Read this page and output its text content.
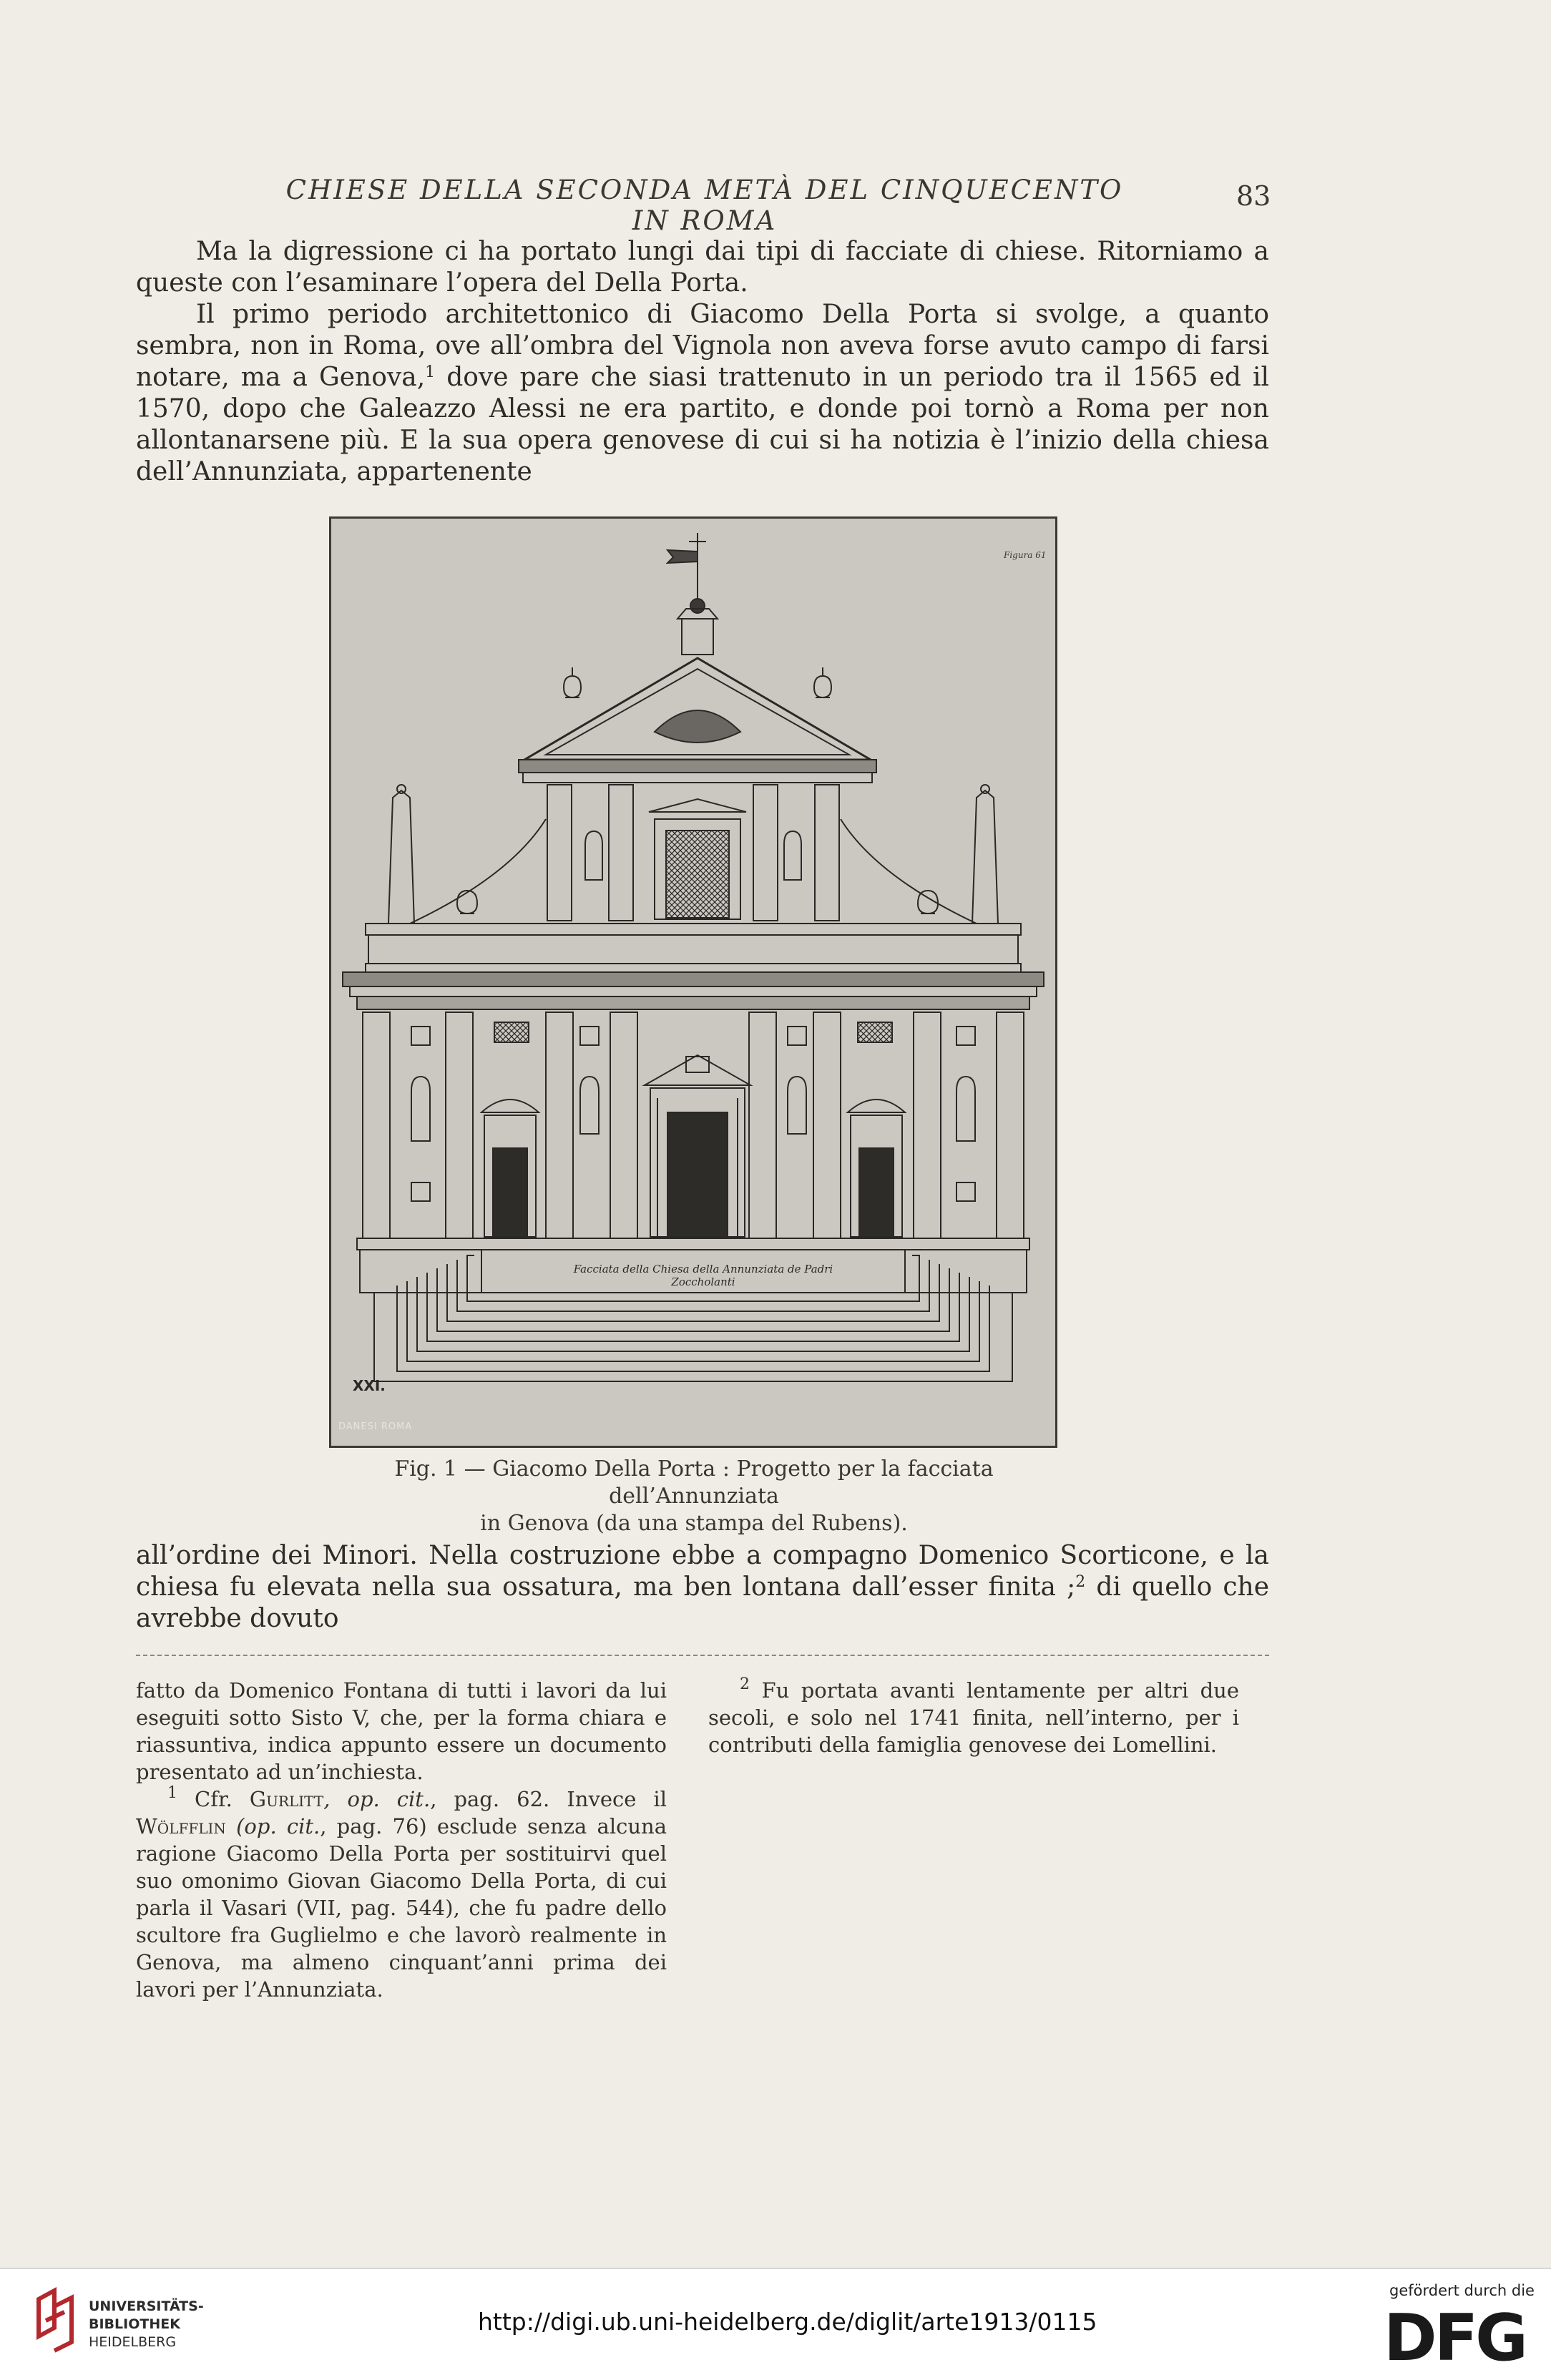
CHIESE DELLA SECONDA METÀ DEL CINQUECENTO IN ROMA
83

Ma la digressione ci ha portato lungi dai tipi di facciate di chiese. Ritorniamo a queste con l’esaminare l’opera del Della Porta.

Il primo periodo architettonico di Giacomo Della Porta si svolge, a quanto sembra, non in Roma, ove all’ombra del Vignola non aveva forse avuto campo di farsi notare, ma a Genova,$^1$ dove pare che siasi trattenuto in un periodo tra il 1565 ed il 1570, dopo che Galeazzo Alessi ne era partito, e donde poi tornò a Roma per non allontanarsene più. E la sua opera genovese di cui si ha notizia è l’inizio della chiesa dell’Annunziata, appartenente

Figura 61
Facciata della Chiesa della Annunziata de Padri Zoccholanti
XXI.
DANESI ROMA
Fig. 1 — Giacomo Della Porta : Progetto per la facciata dell’Annunziata
in Genova (da una stampa del Rubens).

all’ordine dei Minori. Nella costruzione ebbe a compagno Domenico Scorticone, e la chiesa fu elevata nella sua ossatura, ma ben lontana dall’esser finita ;$^2$ di quello che avrebbe dovuto

fatto da Domenico Fontana di tutti i lavori da lui eseguiti sotto Sisto V, che, per la forma chiara e riassuntiva, indica appunto essere un documento presentato ad un’inchiesta.

$^1$ Cfr. Gurlitt, op. cit., pag. 62. Invece il Wölfflin (op. cit., pag. 76) esclude senza alcuna ragione Giacomo Della Porta per sostituirvi quel suo omonimo Giovan Giacomo Della Porta, di cui parla il Vasari (VII, pag. 544), che fu padre dello scultore fra Guglielmo e che lavorò realmente in Genova, ma almeno cinquant’anni prima dei lavori per l’Annunziata.

$^2$ Fu portata avanti lentamente per altri due secoli, e solo nel 1741 finita, nell’interno, per i contributi della famiglia genovese dei Lomellini.

UNIVERSITÄTS-
BIBLIOTHEK
HEIDELBERG
http://digi.ub.uni-heidelberg.de/diglit/arte1913/0115
gefördert durch die
DFG
